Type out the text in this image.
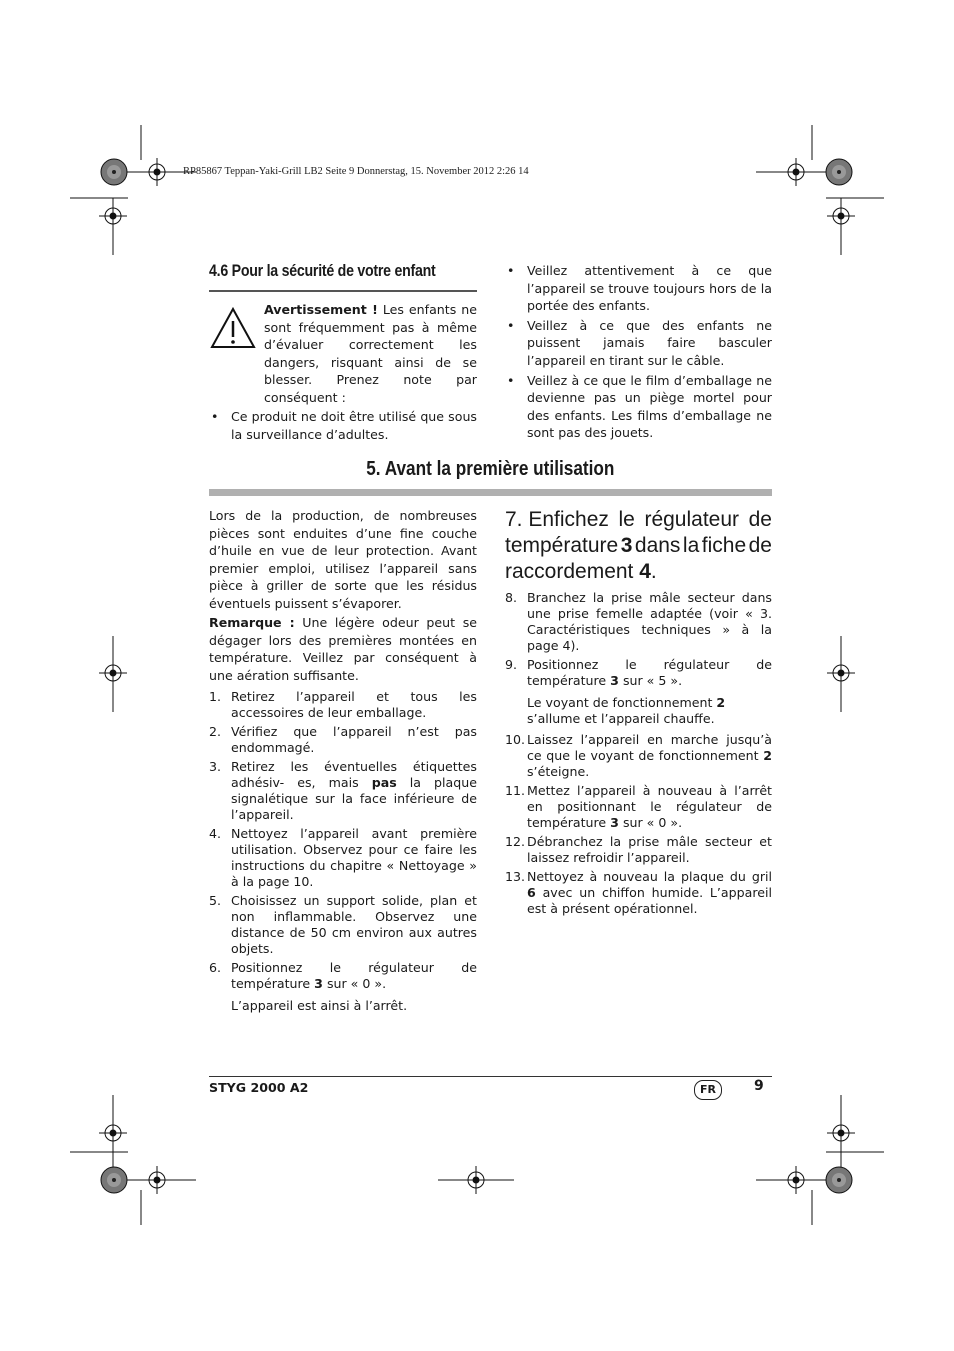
RP85867 Teppan-Yaki-Grill LB2 Seite 9 Donnerstag, 15. November 2012 2:26 14
4.6 Pour la sécurité de votre enfant
Avertissement ! Les enfants ne sont fréquemment pas à même d’évaluer correctement les dangers, risquant ainsi de se blesser. Prenez note par conséquent :
• Ce produit ne doit être utilisé que sous la surveillance d’adultes.
• Veillez attentivement à ce que l’appareil se trouve toujours hors de la portée des enfants.
• Veillez à ce que des enfants ne puissent jamais faire basculer l’appareil en tirant sur le câble.
• Veillez à ce que le film d’emballage ne devienne pas un piège mortel pour des enfants. Les films d’emballage ne sont pas des jouets.
5. Avant la première utilisation

Lors de la production, de nombreuses pièces sont enduites d’une fine couche d’huile en vue de leur protection. Avant premier emploi, utilisez l’appareil sans pièce à griller de sorte que les résidus éventuels puissent s’évaporer.

Remarque : Une légère odeur peut se dégager lors des premières montées en température. Veillez par conséquent à une aération suffisante.

1. Retirez l’appareil et tous les accessoires de leur emballage.
2. Vérifiez que l’appareil n’est pas endommagé.
3. Retirez les éventuelles étiquettes adhésiv- es, mais pas la plaque signalétique sur la face inférieure de l’appareil.
4. Nettoyez l’appareil avant première utilisation. Observez pour ce faire les instructions du chapitre « Nettoyage » à la page 10.
5. Choisissez un support solide, plan et non inflammable. Observez une distance de 50 cm environ aux autres objets.
6. Positionnez le régulateur de température 3 sur « 0 ».
L’appareil est ainsi à l’arrêt.
7. Enfichez le régulateur de
température 3 dans la fiche de
raccordement 4.
8. Branchez la prise mâle secteur dans une prise femelle adaptée (voir « 3. Caractéristiques techniques » à la page 4).
9. Positionnez le régulateur de température 3 sur « 5 ».
Le voyant de fonctionnement 2 s’allume et l’appareil chauffe.
10. Laissez l’appareil en marche jusqu’à ce que le voyant de fonctionnement 2 s’éteigne.
11. Mettez l’appareil à nouveau à l’arrêt en positionnant le régulateur de température 3 sur « 0 ».
12. Débranchez la prise mâle secteur et laissez refroidir l’appareil.
13. Nettoyez à nouveau la plaque du gril 6 avec un chiffon humide. L’appareil est à présent opérationnel.
STYG 2000 A2	FR	9
